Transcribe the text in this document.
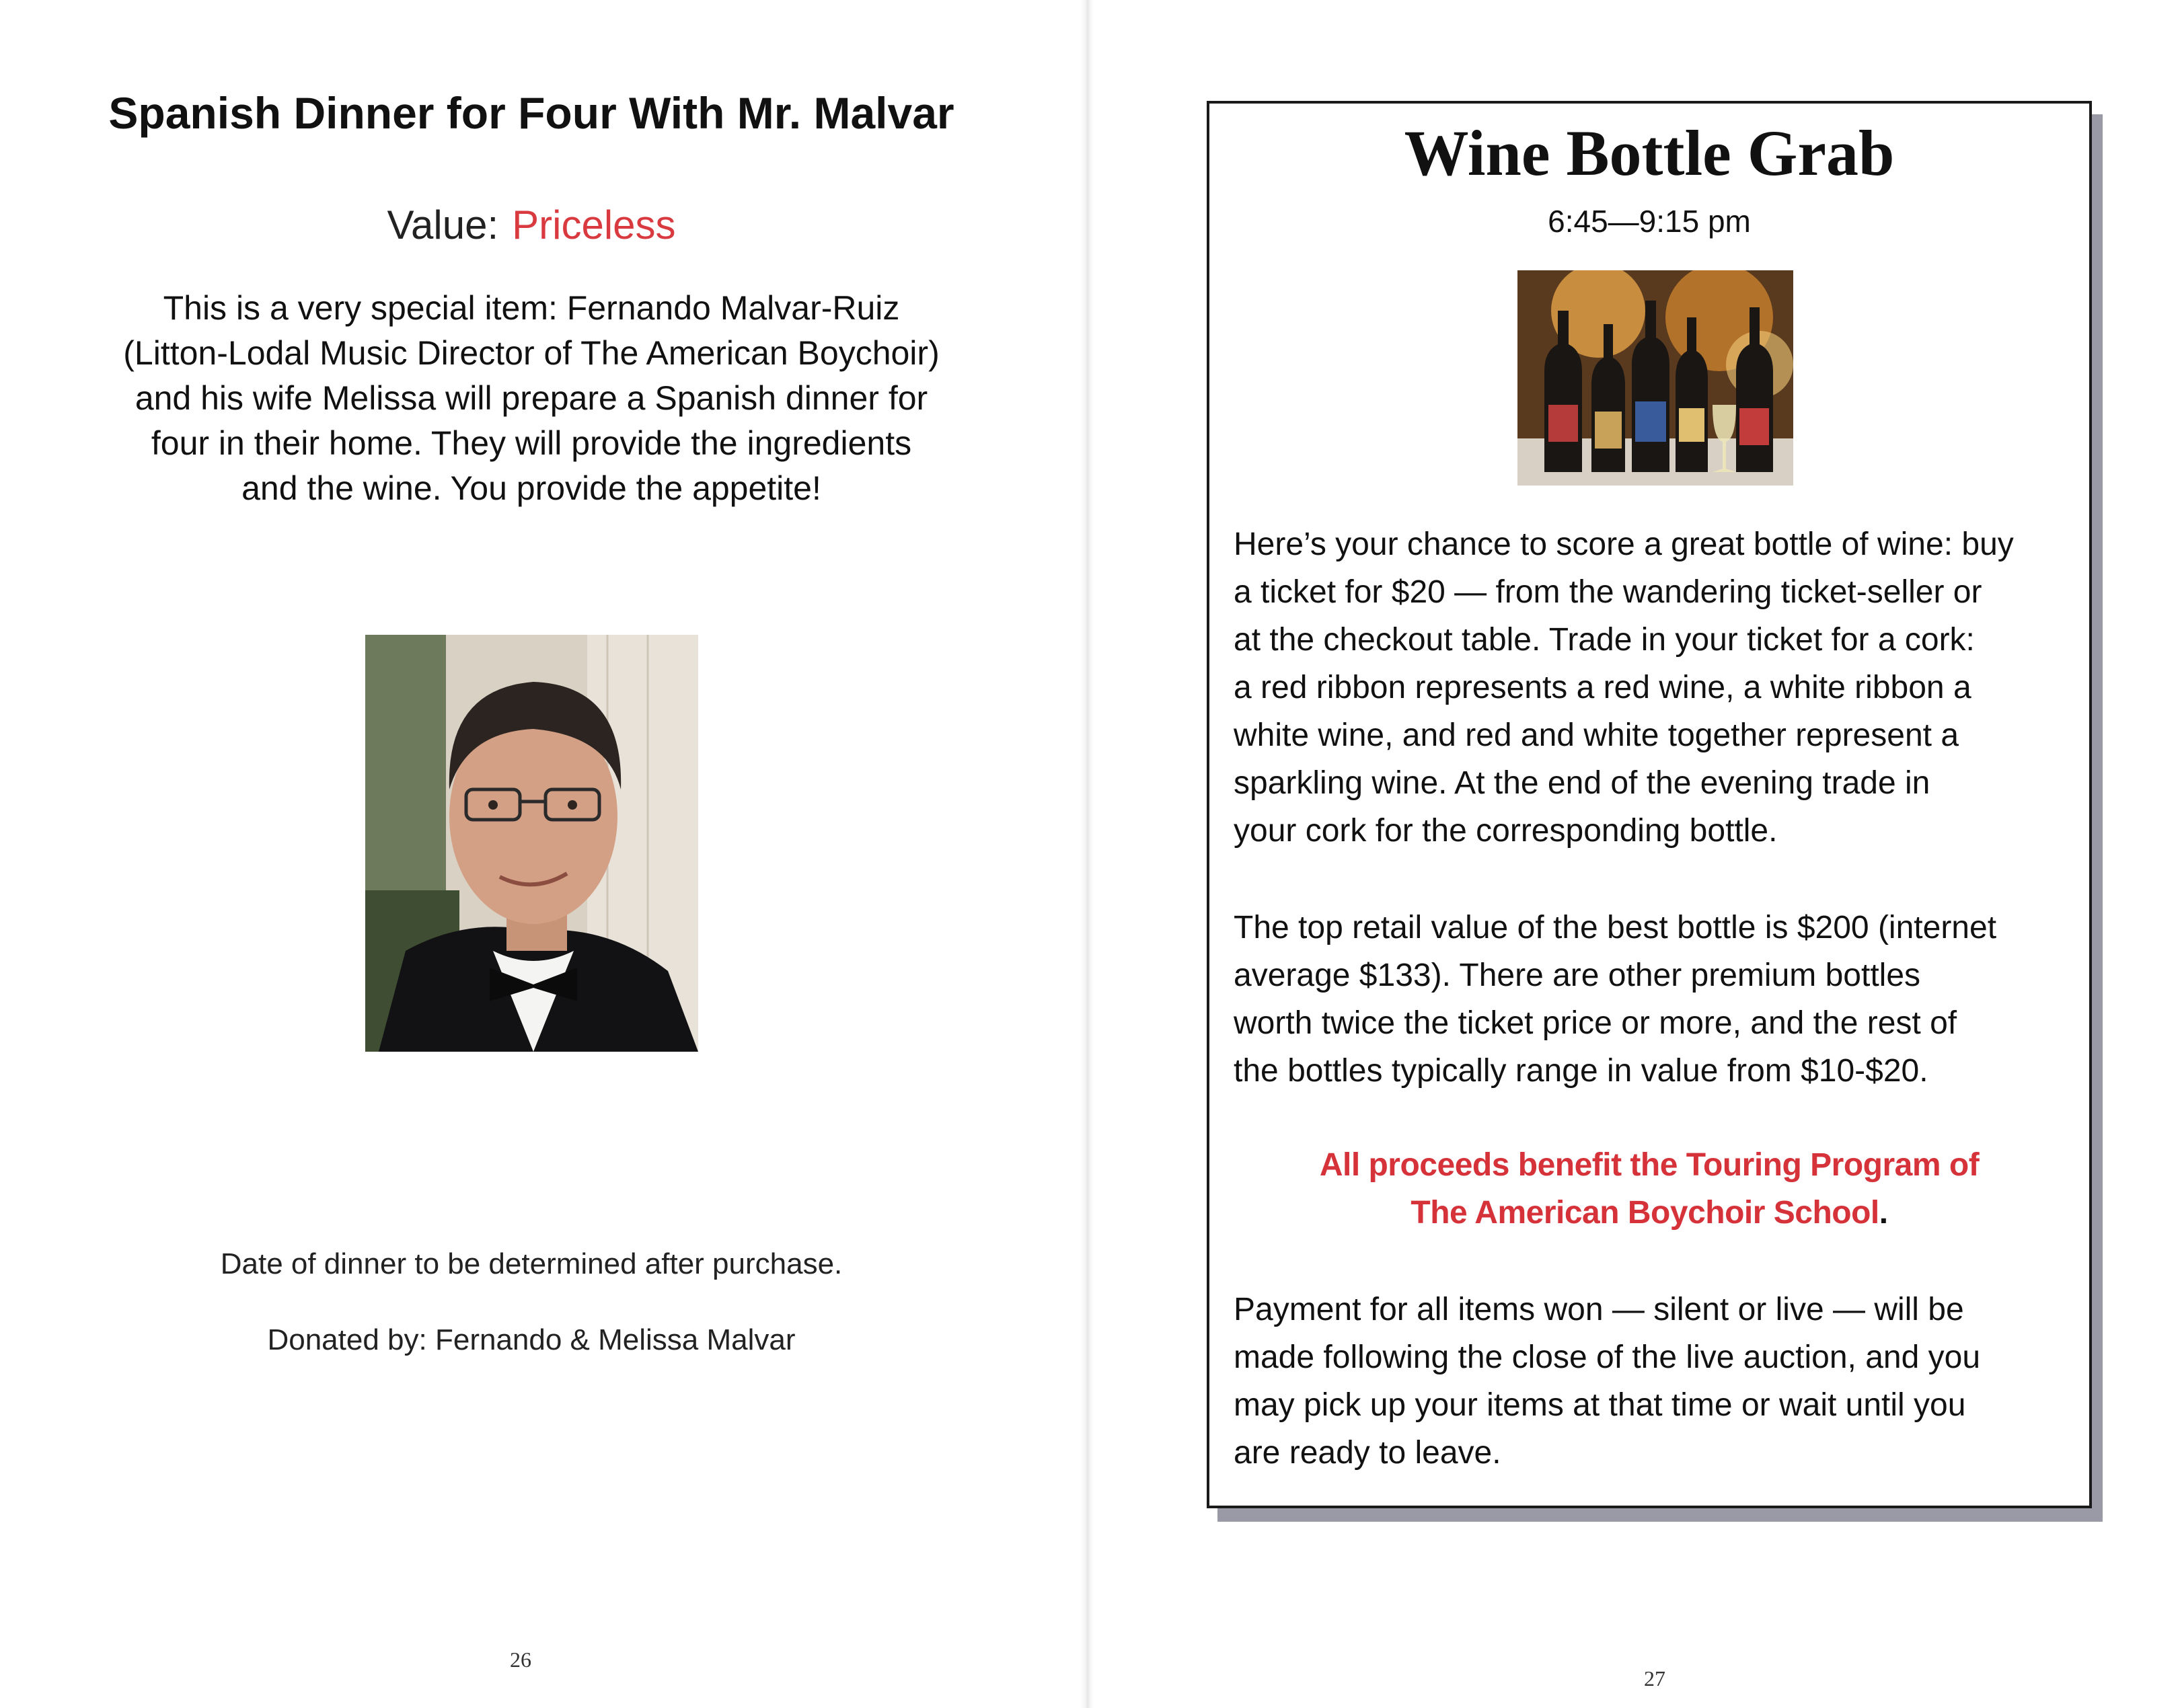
Spanish Dinner for Four With Mr. Malvar
Value: Priceless
This is a very special item: Fernando Malvar-Ruiz
(Litton-Lodal Music Director of The American Boychoir)
and his wife Melissa will prepare a Spanish dinner for
four in their home. They will provide the ingredients
and the wine. You provide the appetite!
Date of dinner to be determined after purchase.
Donated by: Fernando & Melissa Malvar
26
Wine Bottle Grab
6:45—9:15 pm
Here’s your chance to score a great bottle of wine: buy
a ticket for $20 — from the wandering ticket-seller or
at the checkout table. Trade in your ticket for a cork:
a red ribbon represents a red wine, a white ribbon a
white wine, and red and white together represent a
sparkling wine. At the end of the evening trade in
your cork for the corresponding bottle.
The top retail value of the best bottle is $200 (internet
average $133). There are other premium bottles
worth twice the ticket price or more, and the rest of
the bottles typically range in value from $10-$20.
All proceeds benefit the Touring Program of
The American Boychoir School.
Payment for all items won — silent or live — will be
made following the close of the live auction, and you
may pick up your items at that time or wait until you
are ready to leave.
27
